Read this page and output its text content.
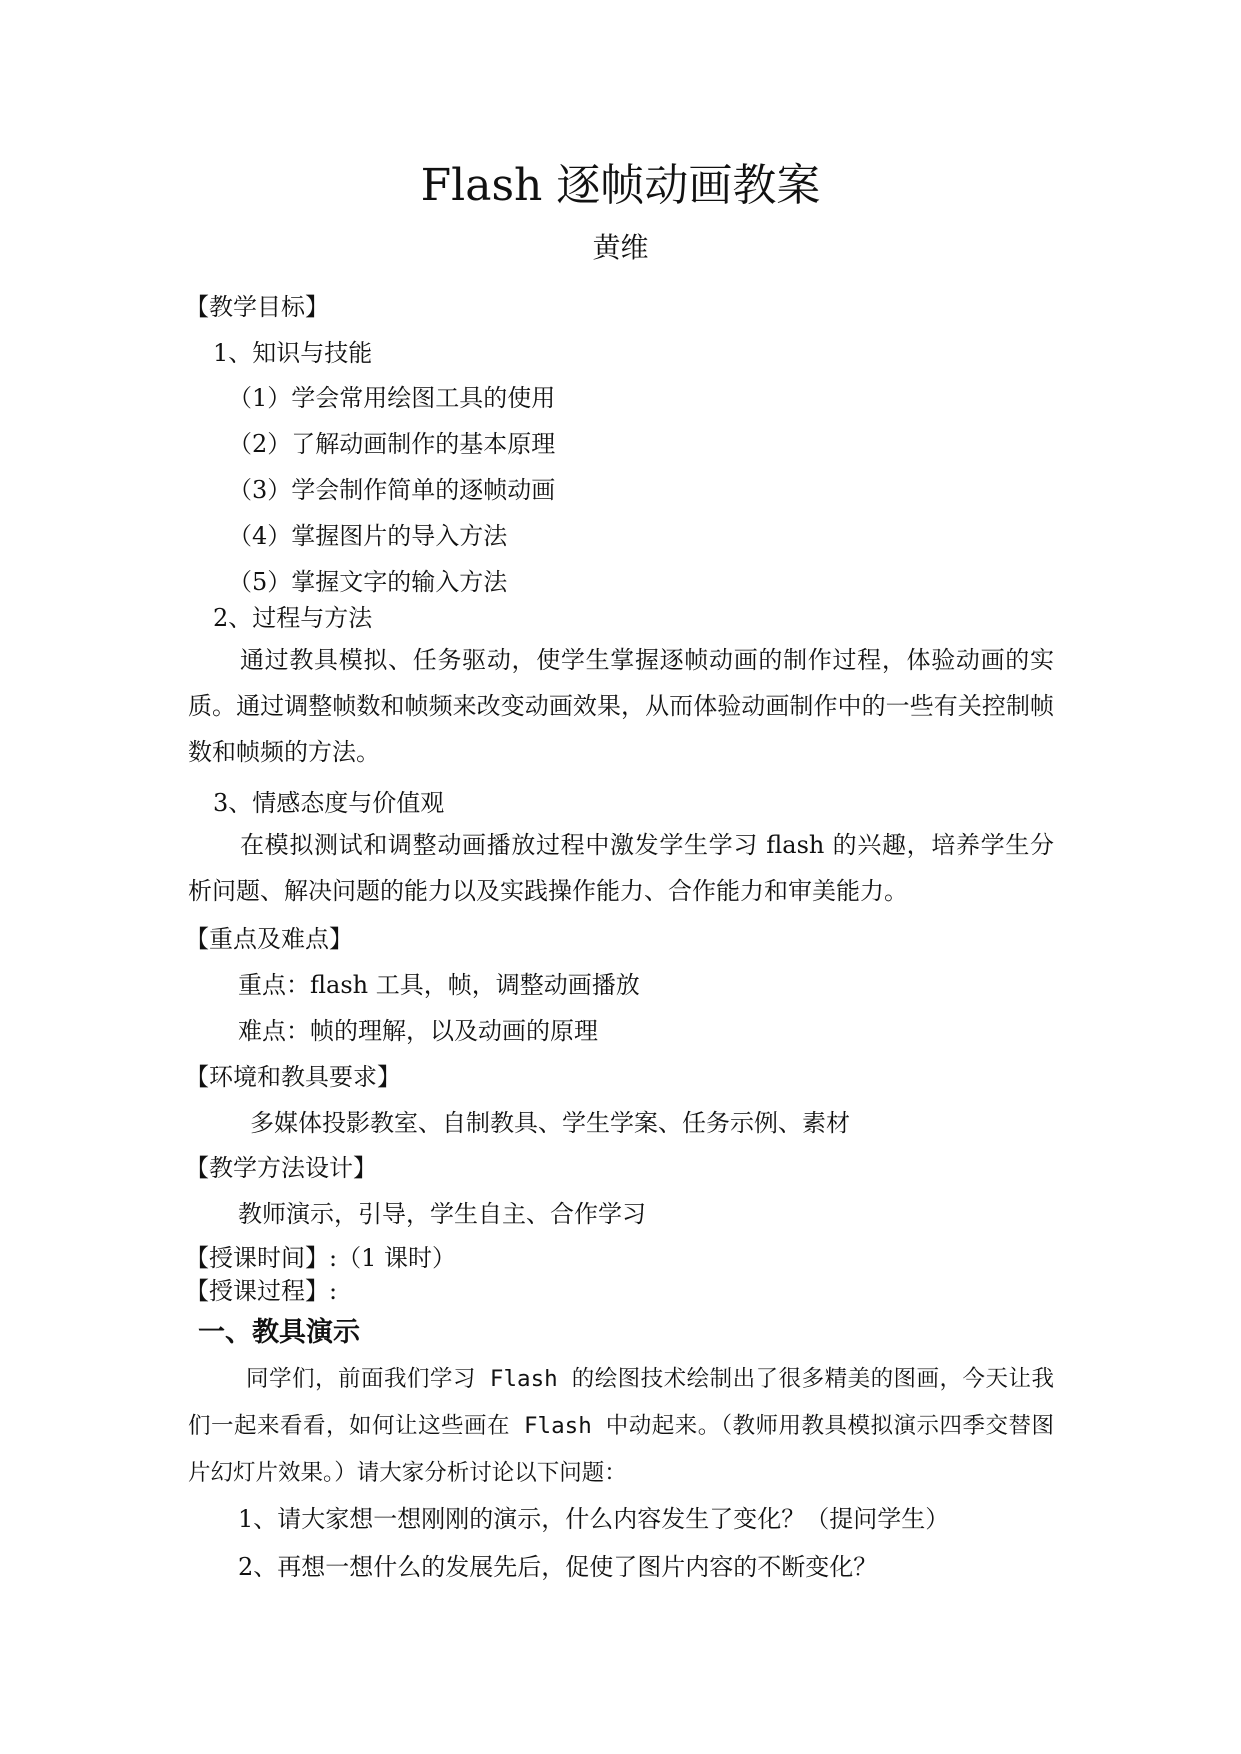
Flash 逐帧动画教案
黄维
【教学目标】
1、知识与技能
（1）学会常用绘图工具的使用
（2）了解动画制作的基本原理
（3）学会制作简单的逐帧动画
（4）掌握图片的导入方法
（5）掌握文字的输入方法
2、过程与方法
通过教具模拟、任务驱动，使学生掌握逐帧动画的制作过程，体验动画的实质。通过调整帧数和帧频来改变动画效果，从而体验动画制作中的一些有关控制帧数和帧频的方法。
3、情感态度与价值观
在模拟测试和调整动画播放过程中激发学生学习 flash 的兴趣，培养学生分析问题、解决问题的能力以及实践操作能力、合作能力和审美能力。
【重点及难点】
重点：flash 工具，帧，调整动画播放
难点：帧的理解，以及动画的原理
【环境和教具要求】
多媒体投影教室、自制教具、学生学案、任务示例、素材
【教学方法设计】
教师演示，引导，学生自主、合作学习
【授课时间】:（1 课时）
【授课过程】:
一、教具演示
同学们，前面我们学习 Flash 的绘图技术绘制出了很多精美的图画，今天让我们一起来看看，如何让这些画在 Flash 中动起来。（教师用教具模拟演示四季交替图片幻灯片效果。）请大家分析讨论以下问题：
1、请大家想一想刚刚的演示，什么内容发生了变化？（提问学生）
2、再想一想什么的发展先后，促使了图片内容的不断变化？
